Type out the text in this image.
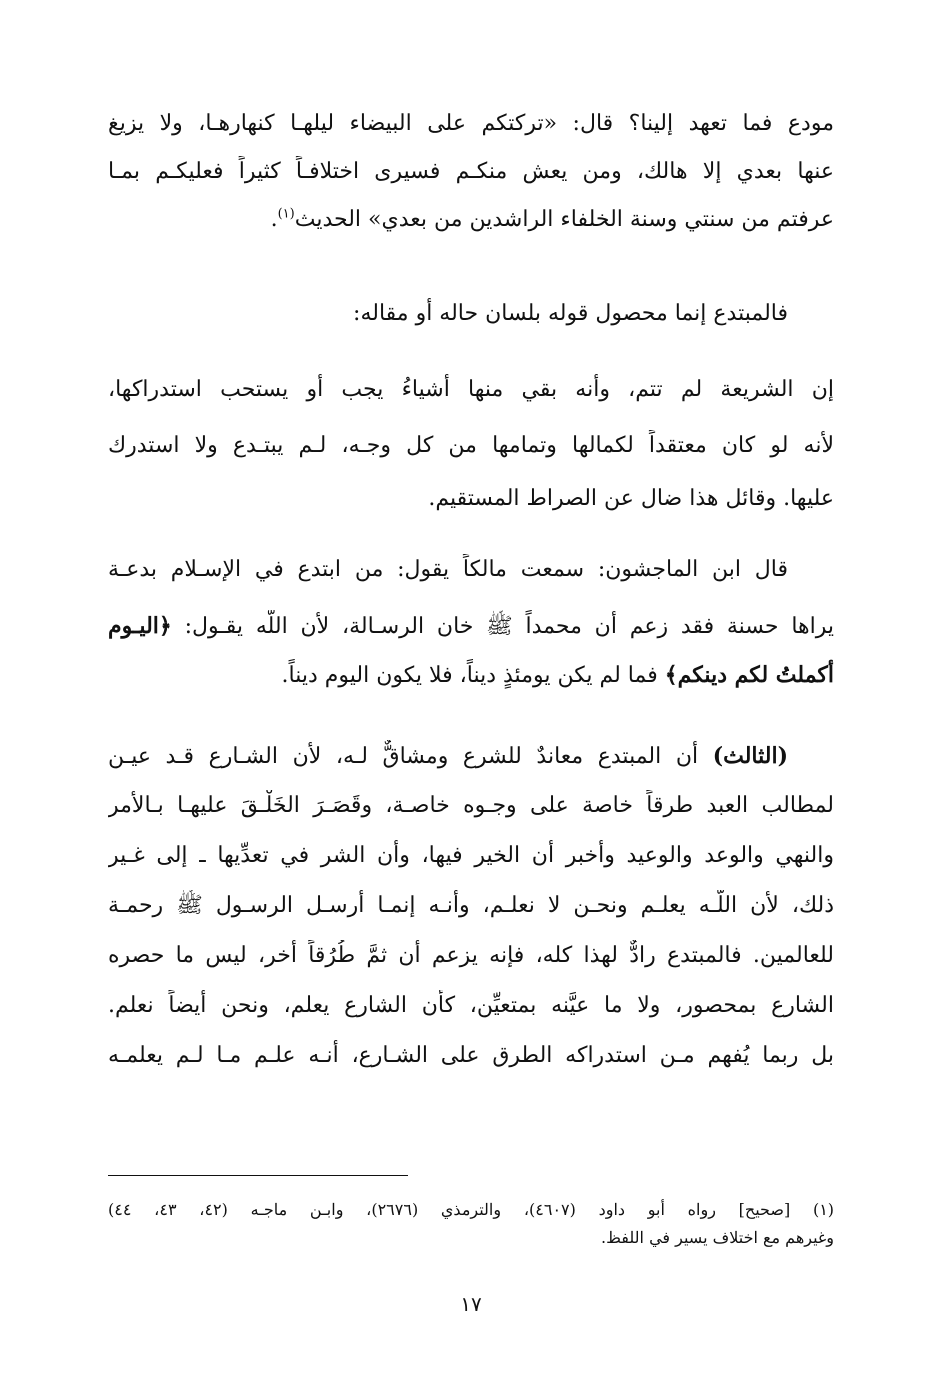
مودع فما تعهد إلينا؟ قال: «تركتكم على البيضاء ليلهـا كنهارهـا، ولا يزيغ
عنها بعدي إلا هالك، ومن يعش منكـم فسيرى اختلافـاً كثيراً فعليكـم بمـا
عرفتم من سنتي وسنة الخلفاء الراشدين من بعدي» الحديث$^{(١)}$.
فالمبتدع إنما محصول قوله بلسان حاله أو مقاله:
إن الشريعة لم تتم، وأنه بقي منها أشياءُ يجب أو يستحب استدراكها،
لأنه لو كان معتقداً لكمالها وتمامها من كل وجـه، لـم يبتـدع ولا استدرك
عليها. وقائل هذا ضال عن الصراط المستقيم.
قال ابن الماجشون: سمعت مالكاً يقول: من ابتدع في الإسـلام بدعـة
يراها حسنة فقد زعم أن محمداً ﷺ خان الرسـالة، لأن اللّه يقـول: ﴿اليـوم
أكملتُ لكم دينكم﴾ فما لم يكن يومئذٍ ديناً، فلا يكون اليوم ديناً.
(الثالث) أن المبتدع معاندٌ للشرع ومشاقٌّ لـه، لأن الشـارع قـد عيـن
لمطالب العبد طرقاً خاصة على وجـوه خاصـة، وقَصَـرَ الخَلْـقَ عليهـا بـالأمر
والنهي والوعد والوعيد وأخبر أن الخير فيها، وأن الشر في تعدِّيها ـ إلى غـير
ذلك، لأن اللّـه يعلـم ونحـن لا نعلـم، وأنـه إنمـا أرسـل الرسـول ﷺ رحمـة
للعالمين. فالمبتدع رادٌّ لهذا كله، فإنه يزعم أن ثمَّ طُرُقاً أُخر، ليس ما حصره
الشارع بمحصور، ولا ما عيَّنه بمتعيِّن، كأن الشارع يعلم، ونحن أيضاً نعلم.
بل ربما يُفهم مـن استدراكه الطرق على الشـارع، أنـه علـم مـا لـم يعلمـه
(١) [صحيح] رواه أبو داود (٤٦٠٧)، والترمذي (٢٦٧٦)، وابـن ماجـه (٤٢، ٤٣، ٤٤)
وغيرهم مع اختلاف يسير في اللفظ.
١٧
